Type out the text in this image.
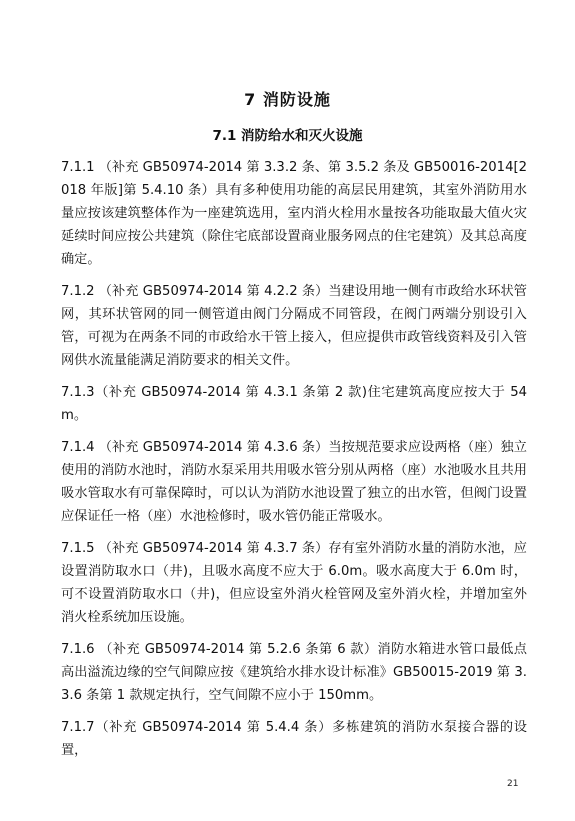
7 消防设施
7.1 消防给水和灭火设施

7.1.1 （补充 GB50974-2014 第 3.3.2 条、第 3.5.2 条及 GB50016-2014[2018 年版]第 5.4.10 条）具有多种使用功能的高层民用建筑，其室外消防用水量应按该建筑整体作为一座建筑选用，室内消火栓用水量按各功能取最大值火灾延续时间应按公共建筑（除住宅底部设置商业服务网点的住宅建筑）及其总高度确定。

7.1.2 （补充 GB50974-2014 第 4.2.2 条）当建设用地一侧有市政给水环状管网，其环状管网的同一侧管道由阀门分隔成不同管段，在阀门两端分别设引入管，可视为在两条不同的市政给水干管上接入，但应提供市政管线资料及引入管网供水流量能满足消防要求的相关文件。

7.1.3（补充 GB50974-2014 第 4.3.1 条第 2 款)住宅建筑高度应按大于 54m。

7.1.4 （补充 GB50974-2014 第 4.3.6 条）当按规范要求应设两格（座）独立使用的消防水池时，消防水泵采用共用吸水管分别从两格（座）水池吸水且共用吸水管取水有可靠保障时，可以认为消防水池设置了独立的出水管，但阀门设置应保证任一格（座）水池检修时，吸水管仍能正常吸水。

7.1.5 （补充 GB50974-2014 第 4.3.7 条）存有室外消防水量的消防水池，应设置消防取水口（井)，且吸水高度不应大于 6.0m。吸水高度大于 6.0m 时，可不设置消防取水口（井)，但应设室外消火栓管网及室外消火栓，并增加室外消火栓系统加压设施。

7.1.6 （补充 GB50974-2014 第 5.2.6 条第 6 款）消防水箱进水管口最低点高出溢流边缘的空气间隙应按《建筑给水排水设计标准》GB50015-2019 第 3.3.6 条第 1 款规定执行，空气间隙不应小于 150mm。

7.1.7（补充 GB50974-2014 第 5.4.4 条）多栋建筑的消防水泵接合器的设置，

21
